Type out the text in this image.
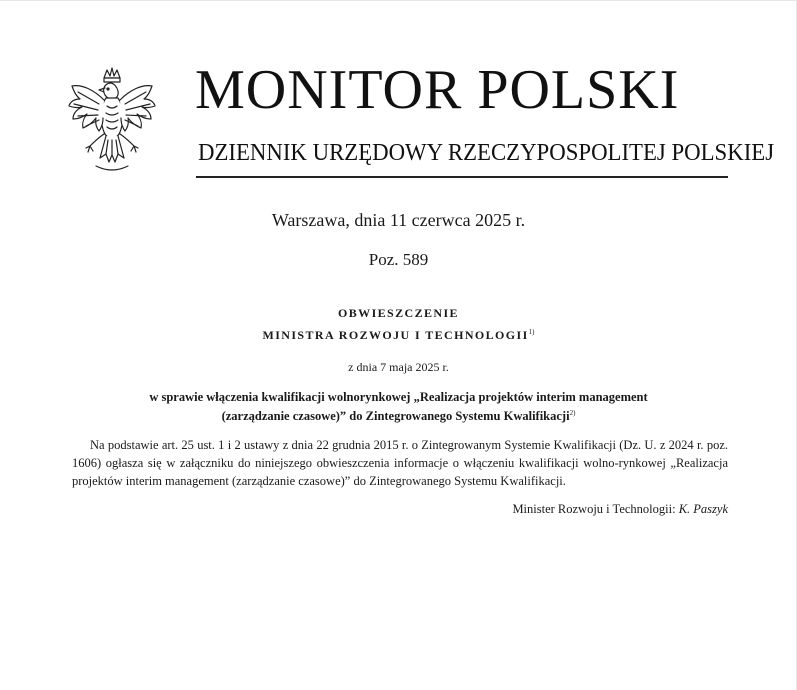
MONITOR POLSKI
DZIENNIK URZĘDOWY RZECZYPOSPOLITEJ POLSKIEJ
Warszawa, dnia 11 czerwca 2025 r.
Poz. 589
OBWIESZCZENIE
MINISTRA ROZWOJU I TECHNOLOGII$^{1)}$
z dnia 7 maja 2025 r.
w sprawie włączenia kwalifikacji wolnorynkowej „Realizacja projektów interim management
(zarządzanie czasowe)” do Zintegrowanego Systemu Kwalifikacji$^{2)}$
Na podstawie art. 25 ust. 1 i 2 ustawy z dnia 22 grudnia 2015 r. o Zintegrowanym Systemie Kwalifikacji (Dz. U. z 2024 r. poz. 1606) ogłasza się w załączniku do niniejszego obwieszczenia informacje o włączeniu kwalifikacji wolno-rynkowej „Realizacja projektów interim management (zarządzanie czasowe)” do Zintegrowanego Systemu Kwalifikacji.
Minister Rozwoju i Technologii: K. Paszyk
